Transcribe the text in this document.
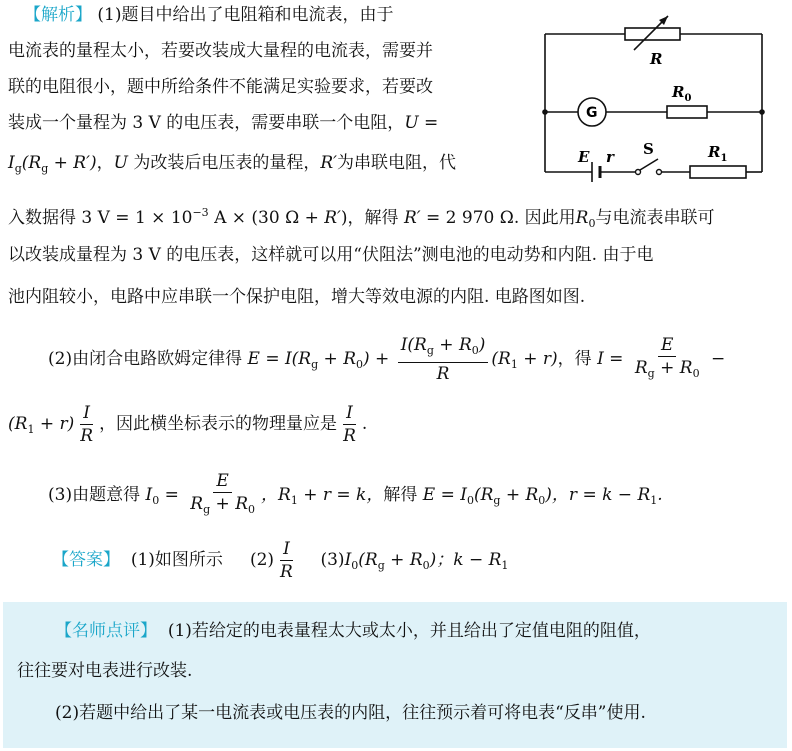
【解析】 (1)题目中给出了电阻箱和电流表，由于
电流表的量程太小，若要改装成大量程的电流表，需要并
联的电阻很小，题中所给条件不能满足实验要求，若要改
装成一个量程为 3 V 的电压表，需要串联一个电阻，U =
$I_g(R_g + R')$，U 为改装后电压表的量程，R′为串联电阻，代
入数据得 3 $V = 1 \times 10^{-3}$ A × (30 Ω + R′)，解得 R′ = 2 970 Ω. 因此用$R_0$与电流表串联可
以改装成量程为 3 V 的电压表，这样就可以用“伏阻法”测电池的电动势和内阻. 由于电
池内阻较小，电路中应串联一个保护电阻，增大等效电源的内阻. 电路图如图.
(2)由闭合电路欧姆定律得 $E = I(R_g + R_0) + \frac{I(R_g + R_0)}{R} (R_1 + r)$，得 $I = \frac{E}{R_g + R_0}$ −
$(R_1 + r) \frac{I}{R}$ ，因此横坐标表示的物理量应是 $\frac{I}{R}$ .
(3)由题意得 $I_0 = \frac{E}{R_g + R_0}$ ，$R_1 + r = k$，解得 $E = I_0(R_g + R_0)$，$r = k - R_1$.
【答案】 (1)如图所示 $(2) \frac{I}{R} (3)I_0(R_g + R_0)$；$k - R_1$
【名师点评】 (1)若给定的电表量程太大或太小，并且给出了定值电阻的阻值，
往往要对电表进行改装.
(2)若题中给出了某一电流表或电压表的内阻，往往预示着可将电表“反串”使用.
R
G
$R_0$
E r S	$R_1$
